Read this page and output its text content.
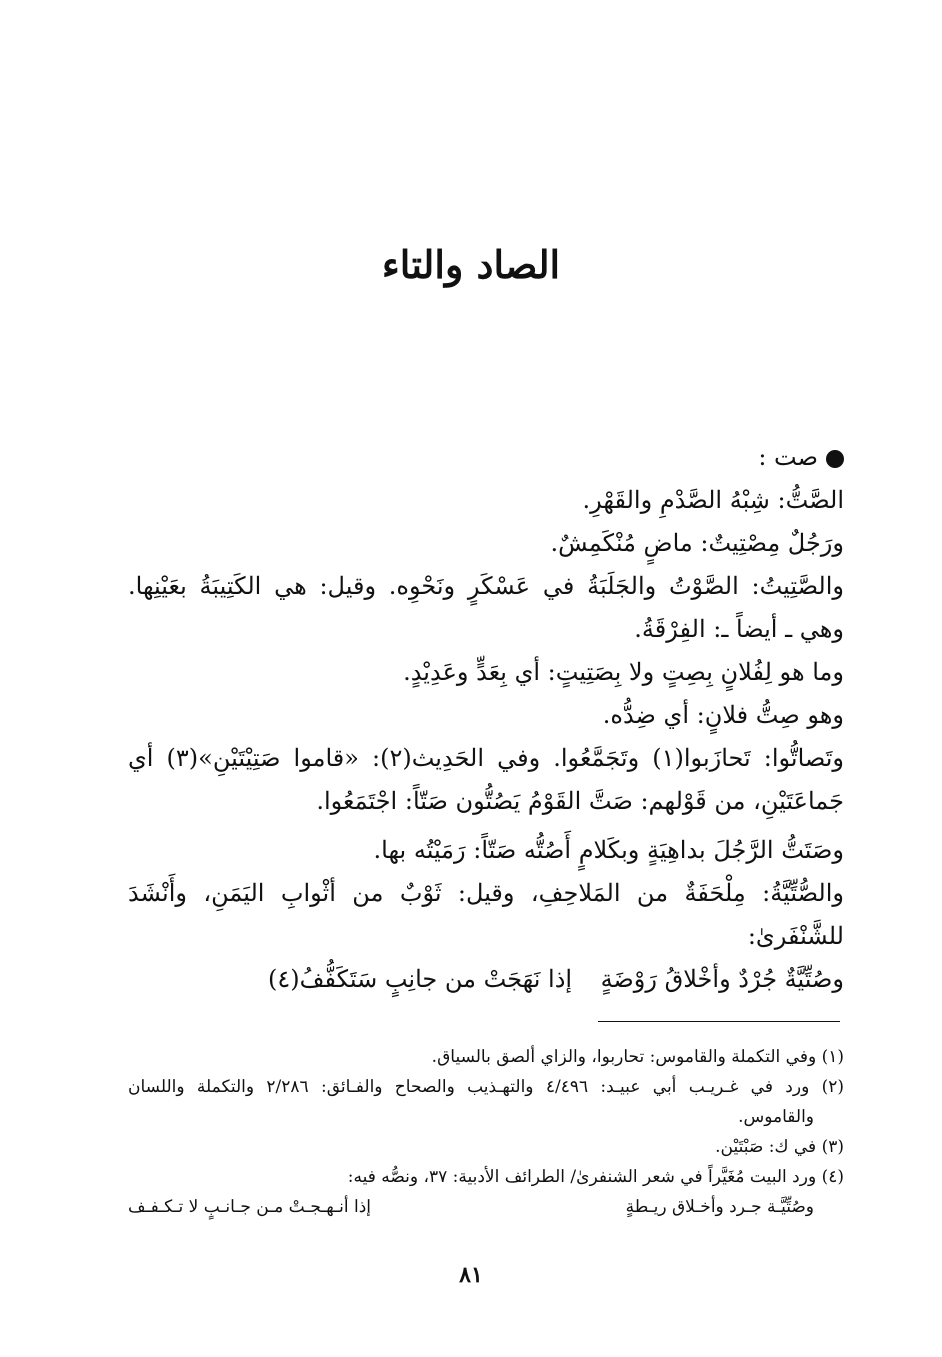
الصاد والتاء
صت :
الصَّتُّ: شِبْهُ الصَّدْمِ والقَهْرِ.
ورَجُلٌ مِصْتِيتٌ: ماضٍ مُنْكَمِشٌ.
والصَّتِيتُ: الصَّوْتُ والجَلَبَةُ في عَسْكَرٍ ونَحْوِه. وقيل: هي الكَتِيبَةُ بعَيْنِها.
وهي ـ أيضاً ـ: الفِرْقَةُ.
وما هو لِفُلانٍ بِصِتٍ ولا بِصَتِيتٍ: أي بِعَدٍّ وعَدِيْدٍ.
وهو صِتُّ فلانٍ: أي ضِدُّه.
وتَصاتُّوا: تَحازَبوا(١) وتَجَمَّعُوا. وفي الحَدِيث(٢): «قاموا صَتِيْتَيْنِ»(٣) أي
جَماعَتَيْنِ، من قَوْلهم: صَتَّ القَوْمُ يَصُتُّون صَتّاً: اجْتَمَعُوا.
وصَتَتُّ الرَّجُلَ بداهِيَةٍ وبكَلامٍ أَصُتُّه صَتّاً: رَمَيْتُه بها.
والصُّتِّيَّةُ: مِلْحَفَةٌ من المَلاحِفِ، وقيل: ثَوْبٌ من أثْوابِ اليَمَنِ، وأَنْشَدَ
للشَّنْفَرىٰ:
وصُتِّيَّةٌ جُرْدٌ وأخْلاقُ رَوْضَةٍ
إذا نَهَجَتْ من جانِبٍ سَتَكَفُّفُ(٤)
(١) وفي التكملة والقاموس: تحاربوا، والزاي ألصق بالسياق.
(٢) ورد في غـريـب أبي عبيـد: ٤/٤٩٦ والتهـذيب والصحاح والفـائق: ٢/٢٨٦ والتكملة واللسان
والقاموس.
(٣) في ك: صَبْتَيْن.
(٤) ورد البيت مُغَيَّراً في شعر الشنفرىٰ/ الطرائف الأدبية: ٣٧، ونصُّه فيه:
وصُتِّيَّـة جـرد وأخـلاق ريـطةٍ
إذا أنـهـجـتْ مـن جـانـبٍ لا تـكـفـف
٨١
